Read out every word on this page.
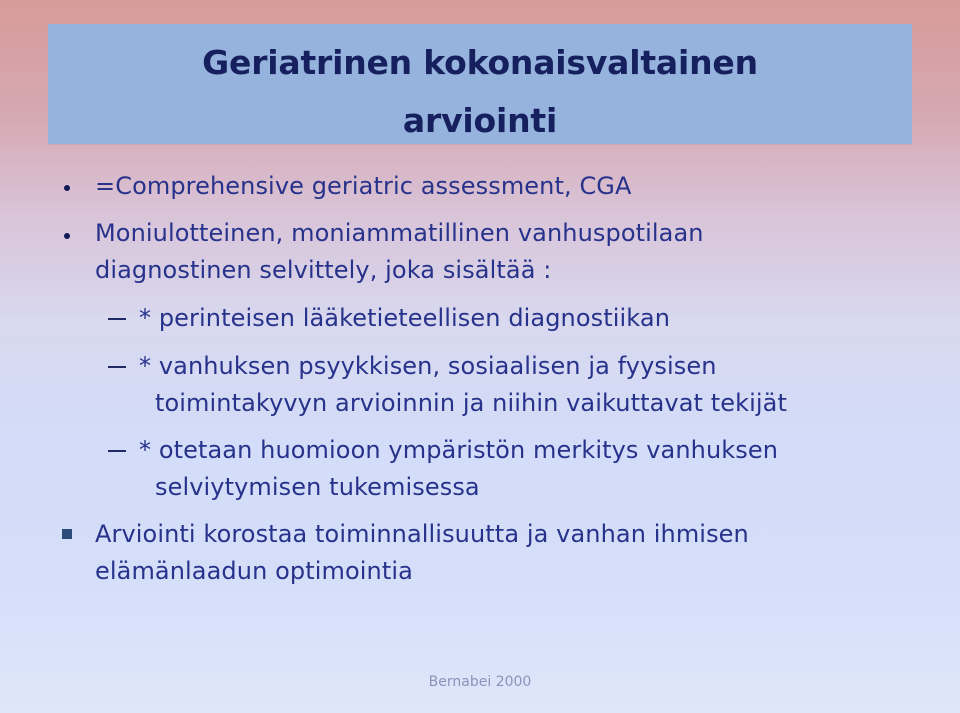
Geriatrinen kokonaisvaltainen
arviointi
=Comprehensive geriatric assessment, CGA
Moniulotteinen, moniammatillinen vanhuspotilaan
diagnostinen selvittely, joka sisältää :
* perinteisen lääketieteellisen diagnostiikan
* vanhuksen psyykkisen, sosiaalisen ja fyysisen
toimintakyvyn arvioinnin ja niihin vaikuttavat tekijät
* otetaan huomioon ympäristön merkitys vanhuksen
selviytymisen tukemisessa
Arviointi korostaa toiminnallisuutta ja vanhan ihmisen
elämänlaadun optimointia
Bernabei 2000
